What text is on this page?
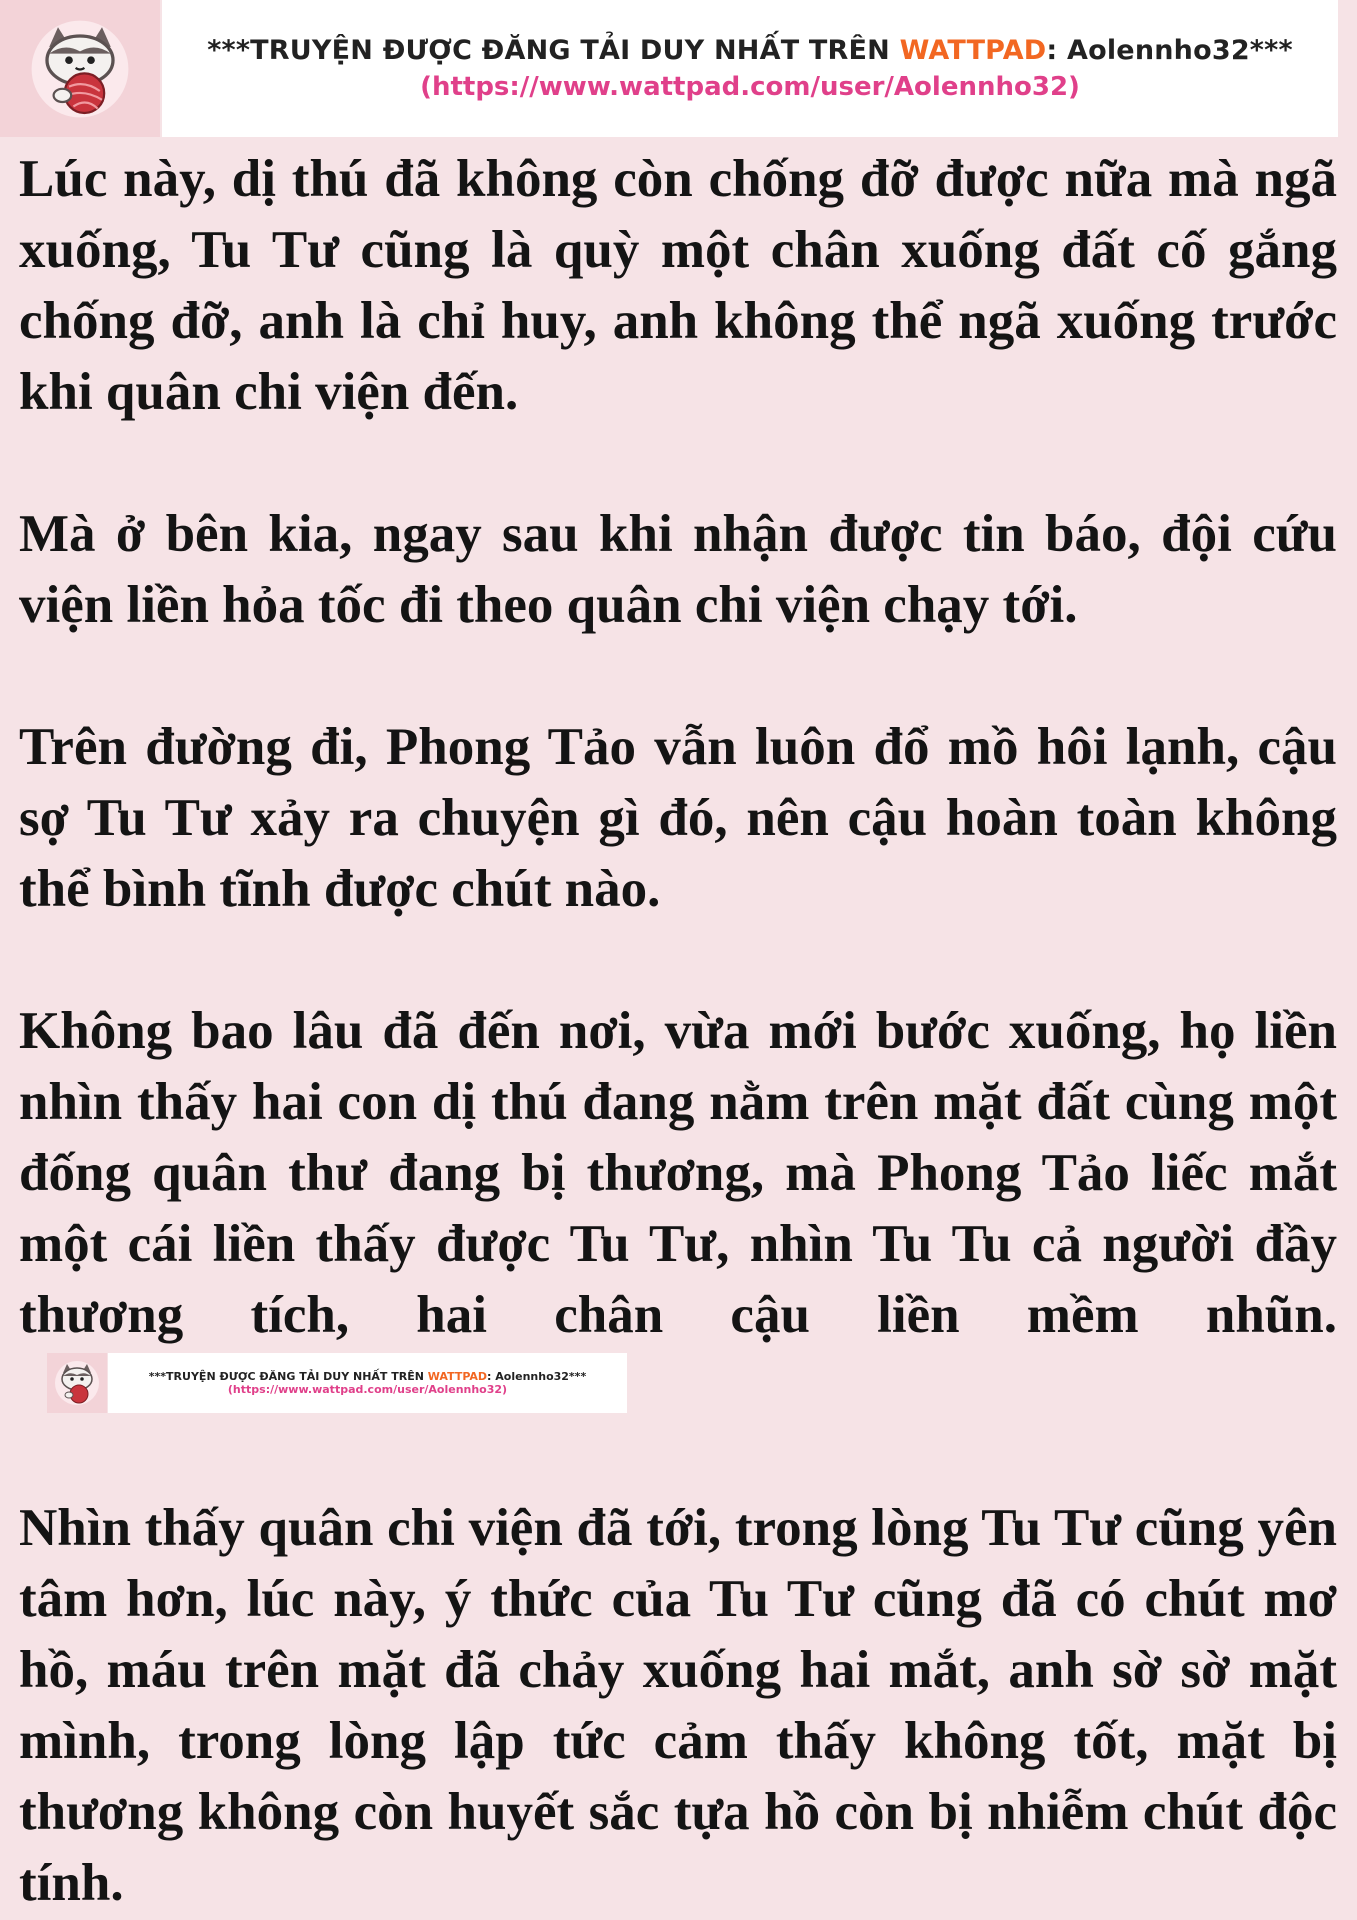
***TRUYỆN ĐƯỢC ĐĂNG TẢI DUY NHẤT TRÊN WATTPAD: Aolennho32***
(https://www.wattpad.com/user/Aolennho32)

Lúc này, dị thú đã không còn chống đỡ được nữa mà ngã xuống, Tu Tư cũng là quỳ một chân xuống đất cố gắng chống đỡ, anh là chỉ huy, anh không thể ngã xuống trước khi quân chi viện đến.

Mà ở bên kia, ngay sau khi nhận được tin báo, đội cứu viện liền hỏa tốc đi theo quân chi viện chạy tới.

Trên đường đi, Phong Tảo vẫn luôn đổ mồ hôi lạnh, cậu sợ Tu Tư xảy ra chuyện gì đó, nên cậu hoàn toàn không thể bình tĩnh được chút nào.

Không bao lâu đã đến nơi, vừa mới bước xuống, họ liền nhìn thấy hai con dị thú đang nằm trên mặt đất cùng một đống quân thư đang bị thương, mà Phong Tảo liếc mắt một cái liền thấy được Tu Tư, nhìn Tu Tu cả người đầy thương tích, hai chân cậu liền mềm nhũn.
***TRUYỆN ĐƯỢC ĐĂNG TẢI DUY NHẤT TRÊN WATTPAD: Aolennho32***
(https://www.wattpad.com/user/Aolennho32)

Nhìn thấy quân chi viện đã tới, trong lòng Tu Tư cũng yên tâm hơn, lúc này, ý thức của Tu Tư cũng đã có chút mơ hồ, máu trên mặt đã chảy xuống hai mắt, anh sờ sờ mặt mình, trong lòng lập tức cảm thấy không tốt, mặt bị thương không còn huyết sắc tựa hồ còn bị nhiễm chút độc tính.
